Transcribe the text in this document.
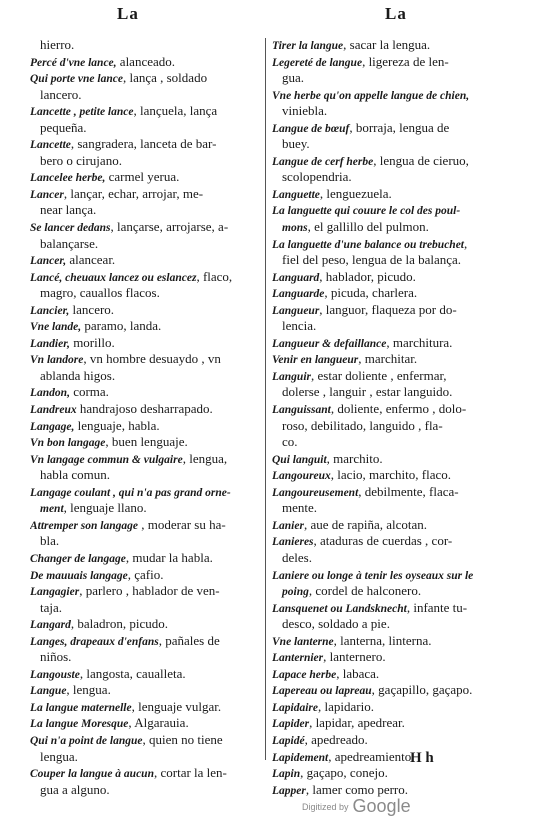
La	La
hierro.
Percé d'vne lance, alanceado.
Qui porte vne lance, lança , soldado
lancero.
Lancette , petite lance, lançuela, lança
pequeña.
Lancette, sangradera, lanceta de bar-
bero o cirujano.
Lancelee herbe, carmel yerua.
Lancer, lançar, echar, arrojar, me-
near lança.
Se lancer dedans, lançarse, arrojarse, a-
balançarse.
Lancer, alancear.
Lancé, cheuaux lancez ou eslancez, flaco,
magro, cauallos flacos.
Lancier, lancero.
Vne lande, paramo, landa.
Landier, morillo.
Vn landore, vn hombre desuaydo , vn
ablanda higos.
Landon, corma.
Landreux handrajoso desharrapado.
Langage, lenguaje, habla.
Vn bon langage, buen lenguaje.
Vn langage commun & vulgaire, lengua,
habla comun.
Langage coulant , qui n'a pas grand orne-
ment, lenguaje llano.
Attremper son langage , moderar su ha-
bla.
Changer de langage, mudar la habla.
De mauuais langage, çafio.
Langagier, parlero , hablador de ven-
taja.
Langard, baladron, picudo.
Langes, drapeaux d'enfans, pañales de
niños.
Langouste, langosta, caualleta.
Langue, lengua.
La langue maternelle, lenguaje vulgar.
La langue Moresque, Algarauia.
Qui n'a point de langue, quien no tiene
lengua.
Couper la langue à aucun, cortar la len-
gua a alguno.
Tirer la langue, sacar la lengua.
Legereté de langue, ligereza de len-
gua.
Vne herbe qu'on appelle langue de chien,
viniebla.
Langue de bœuf, borraja, lengua de
buey.
Langue de cerf herbe, lengua de cieruo,
scolopendria.
Languette, lenguezuela.
La languette qui couure le col des poul-
mons, el gallillo del pulmon.
La languette d'une balance ou trebuchet,
fiel del peso, lengua de la balança.
Languard, hablador, picudo.
Languarde, picuda, charlera.
Langueur, languor, flaqueza por do-
lencia.
Langueur & defaillance, marchitura.
Venir en langueur, marchitar.
Languir, estar doliente , enfermar,
dolerse , languir , estar languido.
Languissant, doliente, enfermo , dolo-
roso, debilitado, languido , fla-
co.
Qui languit, marchito.
Langoureux, lacio, marchito, flaco.
Langoureusement, debilmente, flaca-
mente.
Lanier, aue de rapiña, alcotan.
Lanieres, ataduras de cuerdas , cor-
deles.
Laniere ou longe à tenir les oyseaux sur le
poing, cordel de halconero.
Lansquenet ou Landsknecht, infante tu-
desco, soldado a pie.
Vne lanterne, lanterna, linterna.
Lanternier, lanternero.
Lapace herbe, labaca.
Lapereau ou lapreau, gaçapillo, gaçapo.
Lapidaire, lapidario.
Lapider, lapidar, apedrear.
Lapidé, apedreado.
Lapidement, apedreamiento.
Lapin, gaçapo, conejo.
Lapper, lamer como perro.
H h
Digitized by Google
